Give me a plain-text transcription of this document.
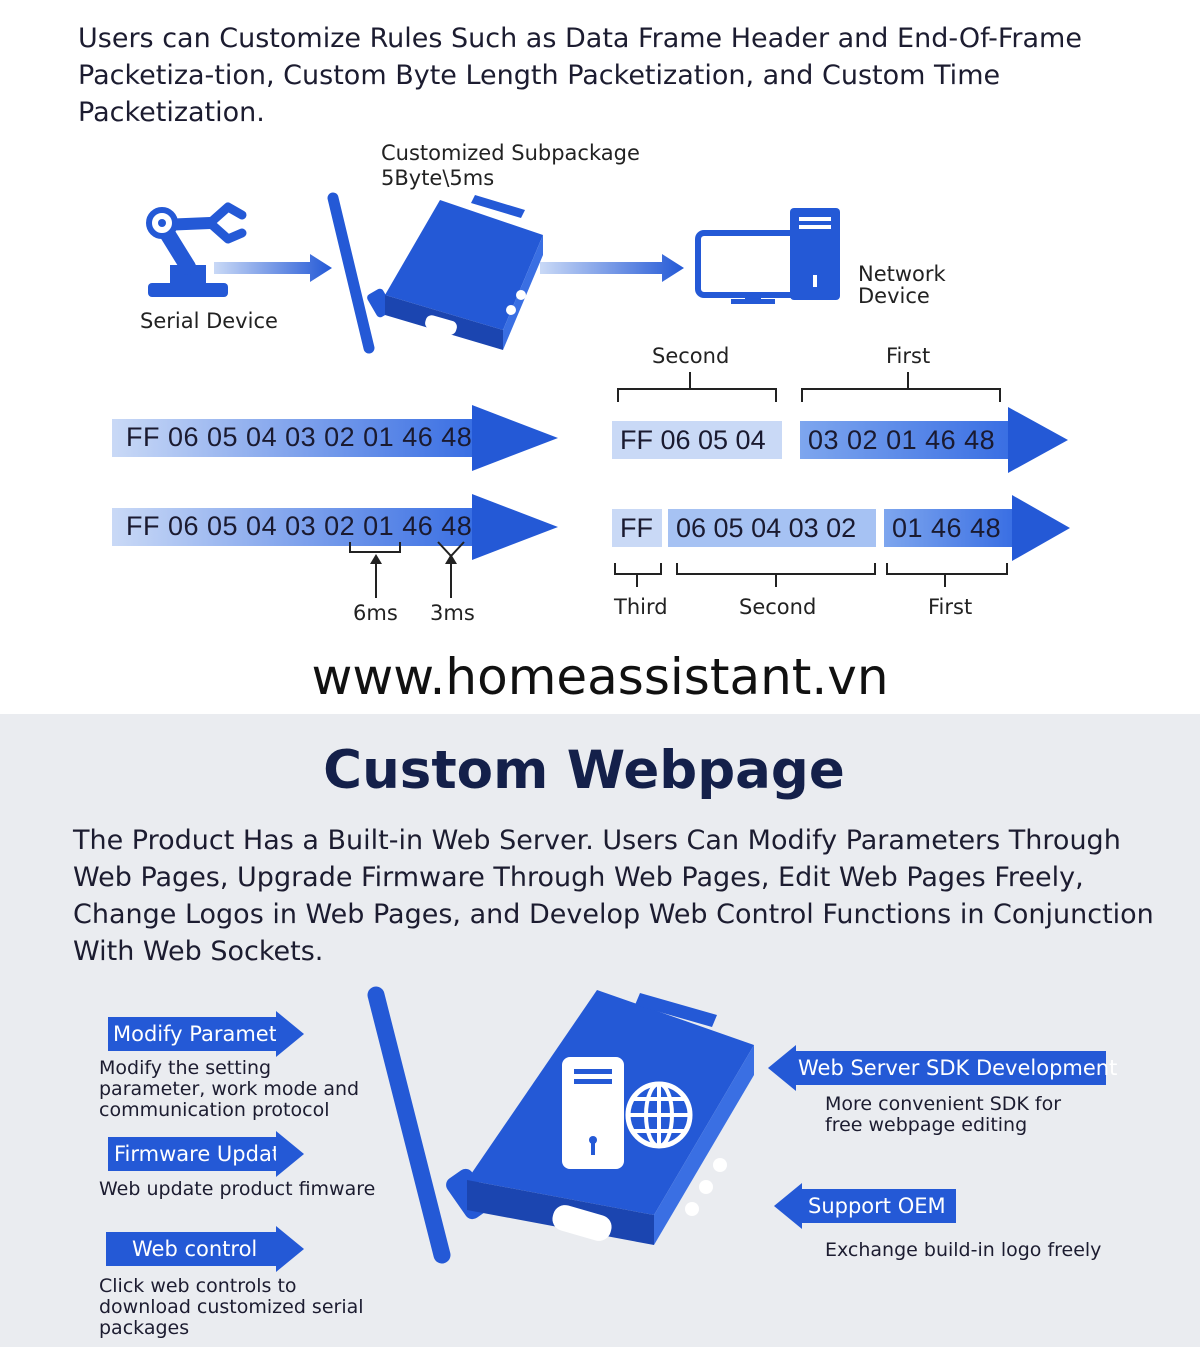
Users can Customize Rules Such as Data Frame Header and End-Of-Frame Packetiza-tion, Custom Byte Length Packetization, and Custom Time Packetization.
Serial Device
Customized Subpackage
5Byte\5ms
Network
Device
FF 06 05 04 03 02 01 46 48
Second	First
FF 06 05 04	03 02 01 46 48
FF 06 05 04 03 02 01 46 48
6ms 3ms
FF 06 05 04 03 02	01 46 48
Third	Second	First
www.homeassistant.vn
Custom Webpage
The Product Has a Built-in Web Server. Users Can Modify Parameters Through Web Pages, Upgrade Firmware Through Web Pages, Edit Web Pages Freely, Change Logos in Web Pages, and Develop Web Control Functions in Conjunction With Web Sockets.
Modify Parameter
Modify the setting parameter, work mode and communication protocol
Firmware Update
Web update product fimware
Web control
Click web controls to download customized serial packages
Web Server SDK Development
More convenient SDK for free webpage editing
Support OEM
Exchange build-in logo freely
